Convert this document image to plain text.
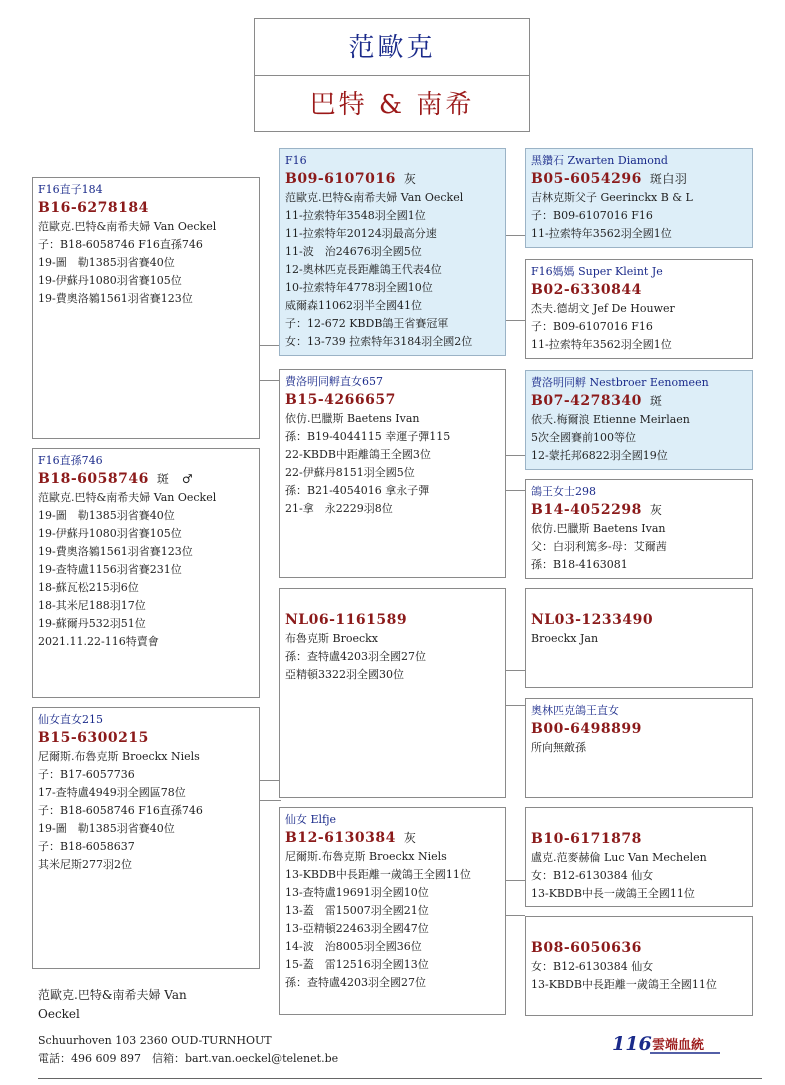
范歐克
巴特 & 南希
F16直子184
B16-6278184
范歐克.巴特&南希夫婦 Van Oeckel
子：B18-6058746 F16直孫746
19-圖　勒1385羽省賽40位
19-伊蘇丹1080羽省賽105位
19-費奧洛鶨1561羽省賽123位
F16直孫746
B18-6058746 斑　♂
范歐克.巴特&南希夫婦 Van Oeckel
19-圖　勒1385羽省賽40位
19-伊蘇丹1080羽省賽105位
19-費奧洛鶨1561羽省賽123位
19-查特盧1156羽省賽231位
18-蘇瓦松215羽6位
18-其米尼188羽17位
19-蘇爾丹532羽51位
2021.11.22-116特賣會
仙女直女215
B15-6300215
尼爾斯.布魯克斯 Broeckx Niels
子：B17-6057736
17-查特盧4949羽全國區78位
子：B18-6058746 F16直孫746
19-圖　勒1385羽省賽40位
子：B18-6058637
其米尼斯277羽2位
F16
B09-6107016 灰
范歐克.巴特&南希夫婦 Van Oeckel
11-拉索特年3548羽全國1位
11-拉索特年20124羽最高分速
11-波　治24676羽全國5位
12-奧林匹克長距離鴿王代表4位
10-拉索特年4778羽全國10位
威爾森11062羽半全國41位
子：12-672 KBDB鴿王省賽冠軍
女：13-739 拉索特年3184羽全國2位
費洛明同孵直女657
B15-4266657
依仿.巴臘斯 Baetens Ivan
孫：B19-4044115 幸運子彈115
22-KBDB中距離鴿王全國3位
22-伊蘇丹8151羽全國5位
孫：B21-4054016 拿永子彈
21-拿　永2229羽8位
NL06-1161589
布魯克斯 Broeckx
孫：查特盧4203羽全國27位
亞精頓3322羽全國30位
仙女 Elfje
B12-6130384 灰
尼爾斯.布魯克斯 Broeckx Niels
13-KBDB中長距離一歲鴿王全國11位
13-查特盧19691羽全國10位
13-蓋　雷15007羽全國21位
13-亞精頓22463羽全國47位
14-波　治8005羽全國36位
15-蓋　雷12516羽全國13位
孫：查特盧4203羽全國27位
黑鑽石 Zwarten Diamond
B05-6054296 斑白羽
吉林克斯父子 Geerinckx B & L
子：B09-6107016 F16
11-拉索特年3562羽全國1位
F16媽媽 Super Kleint Je
B02-6330844
杰夫.德胡文 Jef De Houwer
子：B09-6107016 F16
11-拉索特年3562羽全國1位
費洛明同孵 Nestbroer Eenomeen
B07-4278340 斑
依夭.梅爾浪 Etienne Meirlaen
5次全國賽前100等位
12-蒙托邦6822羽全國19位
鴿王女士298
B14-4052298 灰
依仿.巴臘斯 Baetens Ivan
父：白羽利篤多-母：艾爾茜
孫：B18-4163081
NL03-1233490
Broeckx Jan
奧林匹克鴿王直女
B00-6498899
所向無敵孫
B10-6171878
盧克.范麥赫倫 Luc Van Mechelen
女：B12-6130384 仙女
13-KBDB中長一歲鴿王全國11位
B08-6050636
女：B12-6130384 仙女
13-KBDB中長距離一歲鴿王全國11位
范歐克.巴特&南希夫婦 Van
Oeckel
Schuurhoven 103 2360 OUD-TURNHOUT
電話：496 609 897　信箱：bart.van.oeckel@telenet.be
116 雲端血統
